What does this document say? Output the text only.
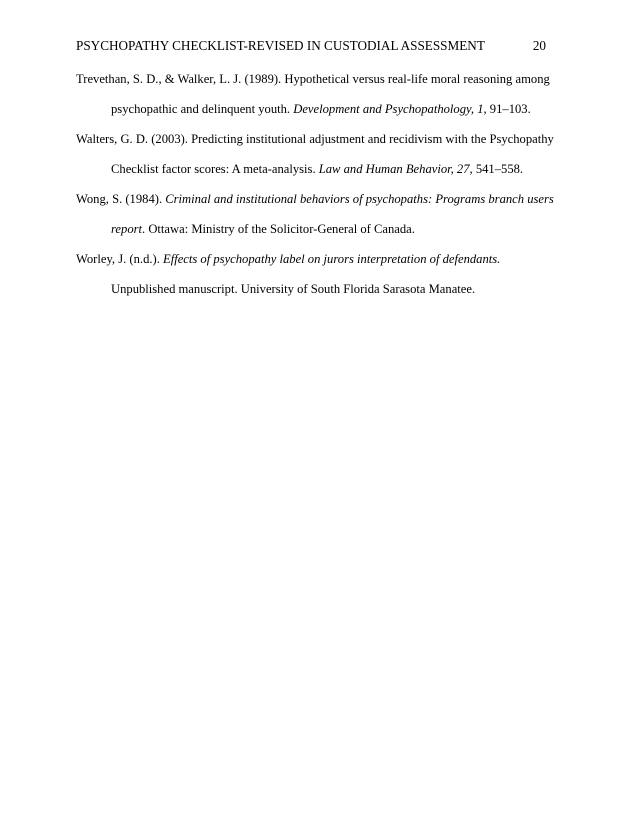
PSYCHOPATHY CHECKLIST-REVISED IN CUSTODIAL ASSESSMENT	20
Trevethan, S. D., & Walker, L. J. (1989). Hypothetical versus real-life moral reasoning among
psychopathic and delinquent youth. Development and Psychopathology, 1, 91–103.
Walters, G. D. (2003). Predicting institutional adjustment and recidivism with the Psychopathy
Checklist factor scores: A meta-analysis. Law and Human Behavior, 27, 541–558.
Wong, S. (1984). Criminal and institutional behaviors of psychopaths: Programs branch users
report. Ottawa: Ministry of the Solicitor-General of Canada.
Worley, J. (n.d.). Effects of psychopathy label on jurors interpretation of defendants.
Unpublished manuscript. University of South Florida Sarasota Manatee.
